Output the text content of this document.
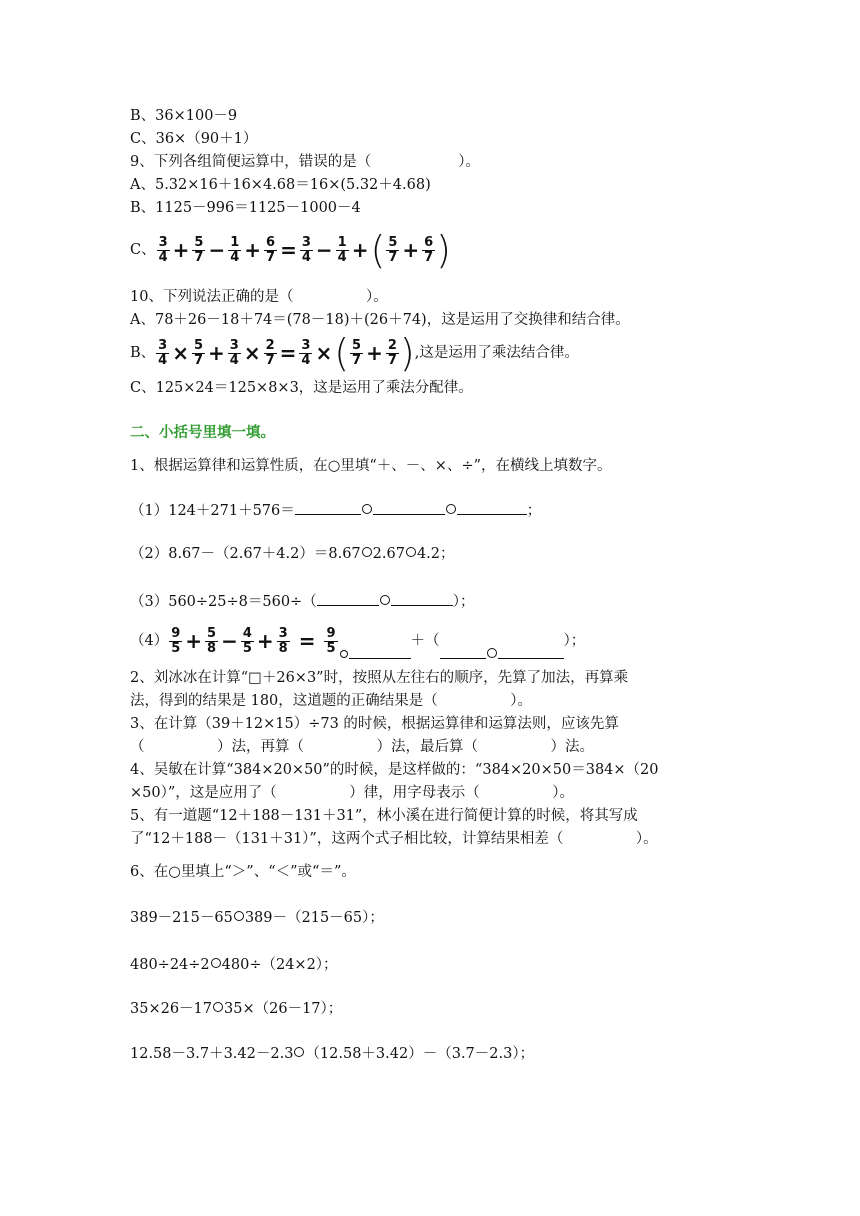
B、36×100－9
C、36×（90＋1）
9、下列各组简便运算中，错误的是（　　　　　　）。
A、5.32×16＋16×4.68＝16×(5.32＋4.68)
B、1125－996＝1125－1000－4
C、 $\frac{3}{4} + \frac{5}{7} - \frac{1}{4} + \frac{6}{7} = \frac{3}{4} - \frac{1}{4}$ +( $\frac{5}{7} + \frac{6}{7}$ )
10、下列说法正确的是（　　　　　）。
A、78＋26－18＋74＝(78－18)＋(26＋74)，这是运用了交换律和结合律。
B、 $\frac{3}{4} \times \frac{5}{7} + \frac{3}{4} \times \frac{2}{7} = \frac{3}{4}$ ×( $\frac{5}{7} + \frac{2}{7}$ ),这是运用了乘法结合律。
C、125×24＝125×8×3，这是运用了乘法分配律。
二、小括号里填一填。
1、根据运算律和运算性质，在○里填“＋、－、×、÷”，在横线上填数字。
（1）124＋271＋576＝	；
（2）8.67－（2.67＋4.2）＝8.67 2.67 4.2；
（3）560÷25÷8＝560÷（	）；
$(4) \frac{9}{5} + \frac{5}{8} - \frac{4}{5} + \frac{3}{8} = \frac{9}{5}$	＋（	）；
2、刘冰冰在计算“□＋26×3”时，按照从左往右的顺序，先算了加法，再算乘
法，得到的结果是 180，这道题的正确结果是（　　　　　）。
3、在计算（39＋12×15）÷73 的时候，根据运算律和运算法则，应该先算
（　　　　　）法，再算（　　　　　）法，最后算（　　　　　）法。
4、吴敏在计算“384×20×50”的时候，是这样做的：“384×20×50＝384×（20
×50）”，这是应用了（　　　　　）律，用字母表示（　　　　　）。
5、有一道题“12＋188－131＋31”，林小溪在进行简便计算的时候，将其写成
了“12＋188－（131＋31）”，这两个式子相比较，计算结果相差（　　　　　）。
6、在○里填上“＞”、“＜”或“＝”。
389－215－65 389－（215－65）；
480÷24÷2 480÷（24×2）；
35×26－17 35×（26－17）；
12.58－3.7＋3.42－2.3 （12.58＋3.42）－（3.7－2.3）；
